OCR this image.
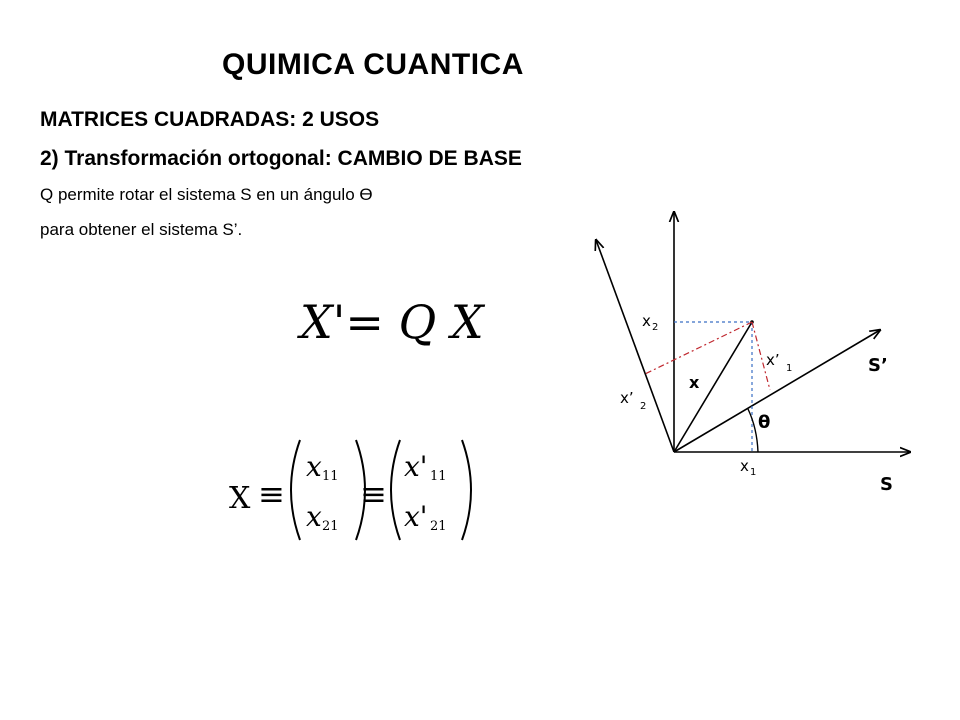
QUIMICA CUANTICA
MATRICES CUADRADAS: 2 USOS
2) Transformación ortogonal: CAMBIO DE BASE
Q permite rotar el sistema S en un ángulo Ө
para obtener el sistema S’.
X'= Q X
X ≡
x 11
x 21
≡
x' 11
x' 21
x 2
x’ 1
x
x’ 2
θ
x 1
S’
S
